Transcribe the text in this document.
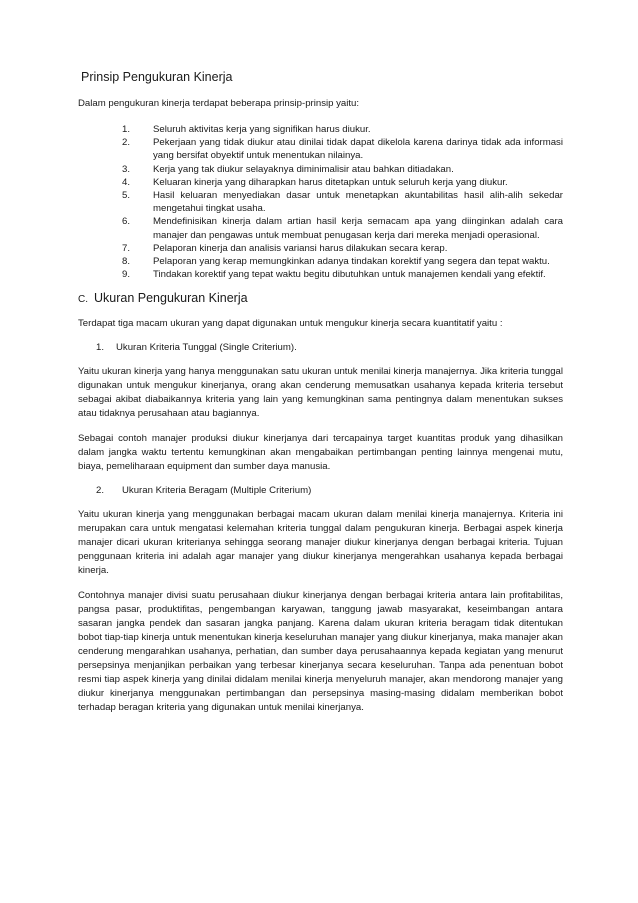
Prinsip Pengukuran Kinerja
Dalam pengukuran kinerja terdapat beberapa prinsip-prinsip yaitu:
1.	Seluruh aktivitas kerja yang signifikan harus diukur.
2.	Pekerjaan yang tidak diukur atau dinilai tidak dapat dikelola karena darinya tidak ada informasi yang bersifat obyektif untuk menentukan nilainya.
3.	Kerja yang tak diukur selayaknya diminimalisir atau bahkan ditiadakan.
4.	Keluaran kinerja yang diharapkan harus ditetapkan untuk seluruh kerja yang diukur.
5.	Hasil keluaran menyediakan dasar untuk menetapkan akuntabilitas hasil alih-alih sekedar mengetahui tingkat usaha.
6.	Mendefinisikan kinerja dalam artian hasil kerja semacam apa yang diinginkan adalah cara manajer dan pengawas untuk membuat penugasan kerja dari mereka menjadi operasional.
7.	Pelaporan kinerja dan analisis variansi harus dilakukan secara kerap.
8.	Pelaporan yang kerap memungkinkan adanya tindakan korektif yang segera dan tepat waktu.
9.	Tindakan korektif yang tepat waktu begitu dibutuhkan untuk manajemen kendali yang efektif.
C. Ukuran Pengukuran Kinerja

Terdapat tiga macam ukuran yang dapat digunakan untuk mengukur kinerja secara kuantitatif yaitu :

1.	Ukuran Kriteria Tunggal (Single Criterium).

Yaitu ukuran kinerja yang hanya menggunakan satu ukuran untuk menilai kinerja manajernya. Jika kriteria tunggal digunakan untuk mengukur kinerjanya, orang akan cenderung memusatkan usahanya kepada kriteria tersebut sebagai akibat diabaikannya kriteria yang lain yang kemungkinan sama pentingnya dalam menentukan sukses atau tidaknya perusahaan atau bagiannya.

Sebagai contoh manajer produksi diukur kinerjanya dari tercapainya target kuantitas produk yang dihasilkan dalam jangka waktu tertentu kemungkinan akan mengabaikan pertimbangan penting lainnya mengenai mutu, biaya, pemeliharaan equipment dan sumber daya manusia.

2.	Ukuran Kriteria Beragam (Multiple Criterium)

Yaitu ukuran kinerja yang menggunakan berbagai macam ukuran dalam menilai kinerja manajernya. Kriteria ini merupakan cara untuk mengatasi kelemahan kriteria tunggal dalam pengukuran kinerja. Berbagai aspek kinerja manajer dicari ukuran kriterianya sehingga seorang manajer diukur kinerjanya dengan berbagai kriteria. Tujuan penggunaan kriteria ini adalah agar manajer yang diukur kinerjanya mengerahkan usahanya kepada berbagai kinerja.

Contohnya manajer divisi suatu perusahaan diukur kinerjanya dengan berbagai kriteria antara lain profitabilitas, pangsa pasar, produktifitas, pengembangan karyawan, tanggung jawab masyarakat, keseimbangan antara sasaran jangka pendek dan sasaran jangka panjang. Karena dalam ukuran kriteria beragam tidak ditentukan bobot tiap-tiap kinerja untuk menentukan kinerja keseluruhan manajer yang diukur kinerjanya, maka manajer akan cenderung mengarahkan usahanya, perhatian, dan sumber daya perusahaannya kepada kegiatan yang menurut persepsinya menjanjikan perbaikan yang terbesar kinerjanya secara keseluruhan. Tanpa ada penentuan bobot resmi tiap aspek kinerja yang dinilai didalam menilai kinerja menyeluruh manajer, akan mendorong manajer yang diukur kinerjanya menggunakan pertimbangan dan persepsinya masing-masing didalam memberikan bobot terhadap beragan kriteria yang digunakan untuk menilai kinerjanya.
